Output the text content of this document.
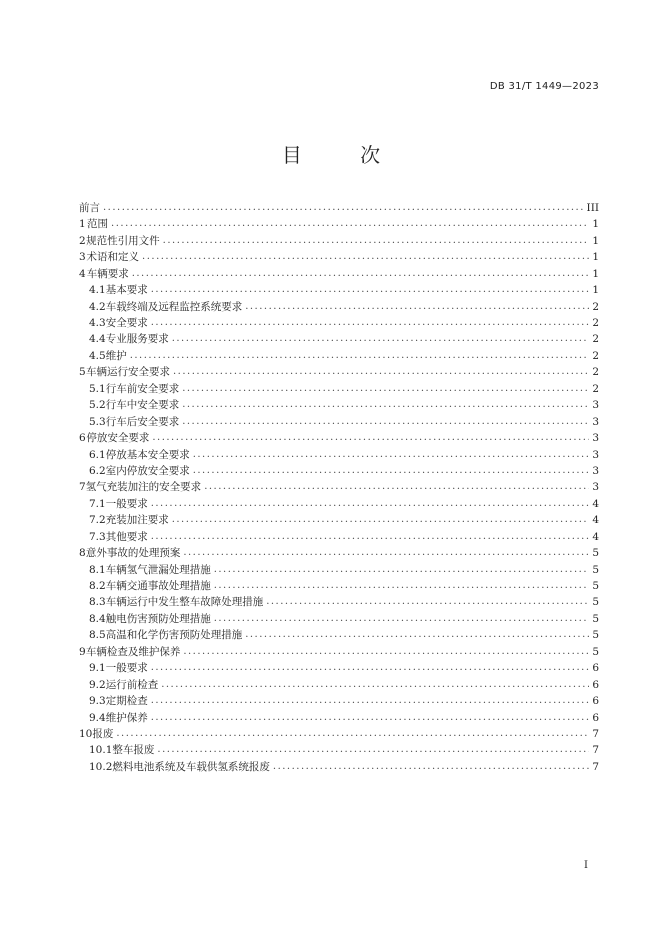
DB 31/T 1449—2023
目 次
前言 .....	III
1 范围 .....	1
2 规范性引用文件 .....	1
3 术语和定义 .....	1
4 车辆要求 .....	1
4.1 基本要求 .....	1
4.2 车载终端及远程监控系统要求 .....	2
4.3 安全要求 .....	2
4.4 专业服务要求 .....	2
4.5 维护 .....	2
5 车辆运行安全要求 .....	2
5.1 行车前安全要求 .....	2
5.2 行车中安全要求 .....	3
5.3 行车后安全要求 .....	3
6 停放安全要求 .....	3
6.1 停放基本安全要求 .....	3
6.2 室内停放安全要求 .....	3
7 氢气充装加注的安全要求 .....	3
7.1 一般要求 .....	4
7.2 充装加注要求 .....	4
7.3 其他要求 .....	4
8 意外事故的处理预案 .....	5
8.1 车辆氢气泄漏处理措施 .....	5
8.2 车辆交通事故处理措施 .....	5
8.3 车辆运行中发生整车故障处理措施 .....	5
8.4 触电伤害预防处理措施 .....	5
8.5 高温和化学伤害预防处理措施 .....	5
9 车辆检查及维护保养 .....	5
9.1 一般要求 .....	6
9.2 运行前检查 .....	6
9.3 定期检查 .....	6
9.4 维护保养 .....	6
10 报废 .....	7
10.1 整车报废 .....	7
10.2 燃料电池系统及车载供氢系统报废 .....	7
I
